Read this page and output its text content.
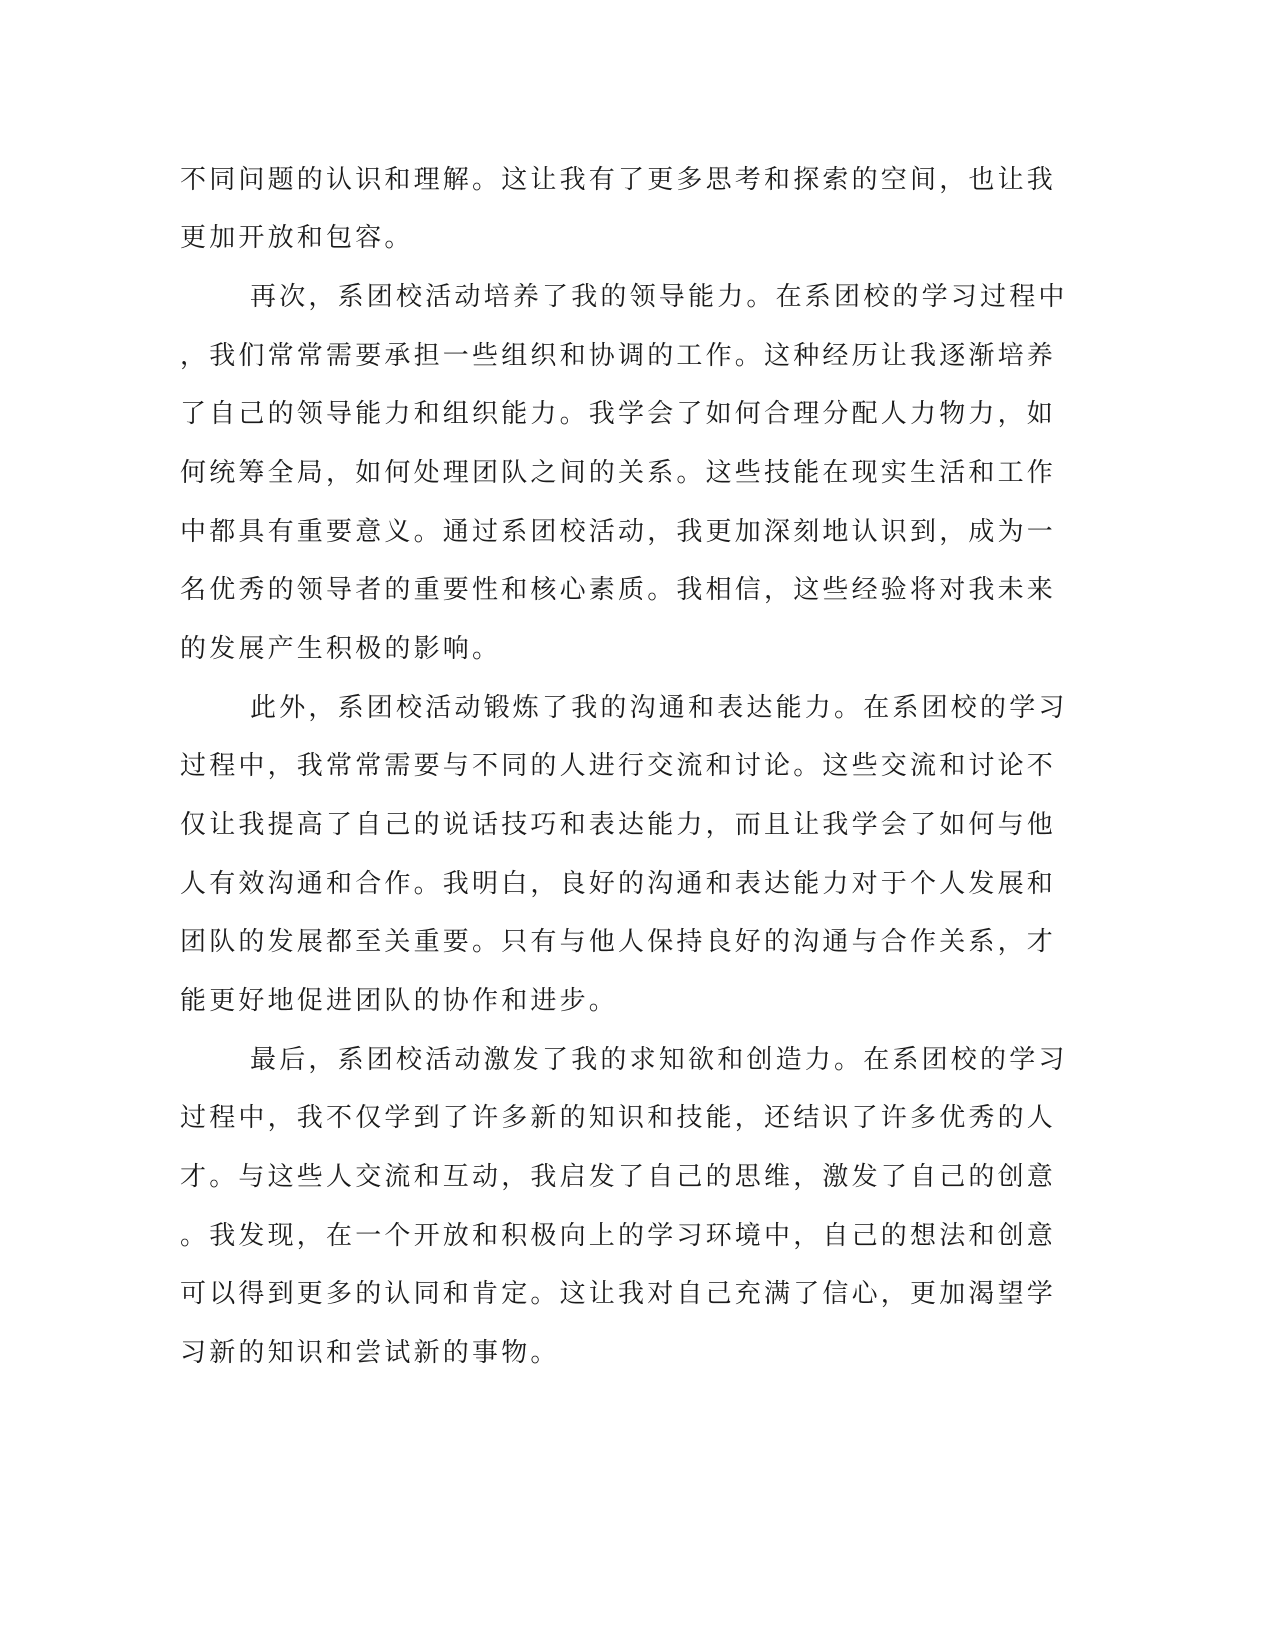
不同问题的认识和理解。这让我有了更多思考和探索的空间，也让我
更加开放和包容。
再次，系团校活动培养了我的领导能力。在系团校的学习过程中
，我们常常需要承担一些组织和协调的工作。这种经历让我逐渐培养
了自己的领导能力和组织能力。我学会了如何合理分配人力物力，如
何统筹全局，如何处理团队之间的关系。这些技能在现实生活和工作
中都具有重要意义。通过系团校活动，我更加深刻地认识到，成为一
名优秀的领导者的重要性和核心素质。我相信，这些经验将对我未来
的发展产生积极的影响。
此外，系团校活动锻炼了我的沟通和表达能力。在系团校的学习
过程中，我常常需要与不同的人进行交流和讨论。这些交流和讨论不
仅让我提高了自己的说话技巧和表达能力，而且让我学会了如何与他
人有效沟通和合作。我明白，良好的沟通和表达能力对于个人发展和
团队的发展都至关重要。只有与他人保持良好的沟通与合作关系，才
能更好地促进团队的协作和进步。
最后，系团校活动激发了我的求知欲和创造力。在系团校的学习
过程中，我不仅学到了许多新的知识和技能，还结识了许多优秀的人
才。与这些人交流和互动，我启发了自己的思维，激发了自己的创意
。我发现，在一个开放和积极向上的学习环境中，自己的想法和创意
可以得到更多的认同和肯定。这让我对自己充满了信心，更加渴望学
习新的知识和尝试新的事物。
